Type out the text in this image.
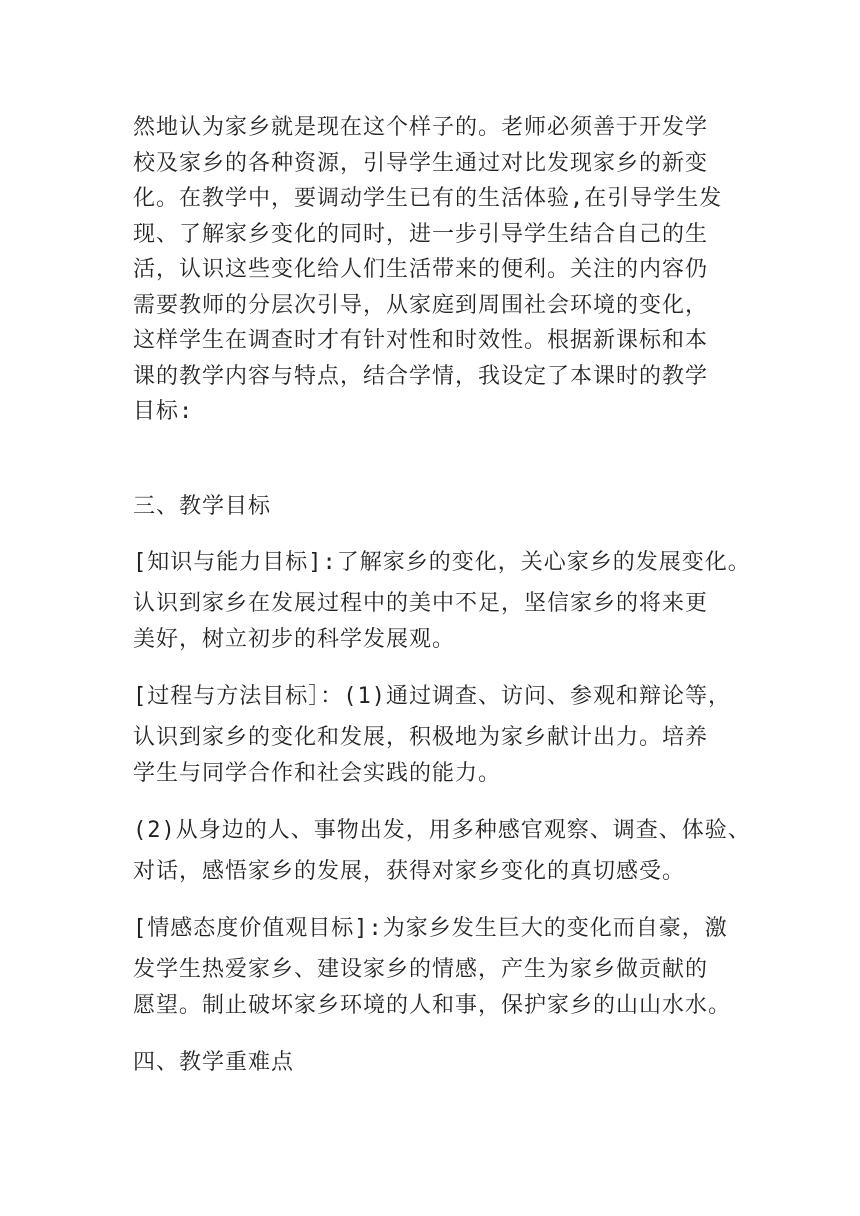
然地认为家乡就是现在这个样子的。老师必须善于开发学
校及家乡的各种资源，引导学生通过对比发现家乡的新变
化。在教学中，要调动学生已有的生活体验,在引导学生发
现、了解家乡变化的同时，进一步引导学生结合自己的生
活，认识这些变化给人们生活带来的便利。关注的内容仍
需要教师的分层次引导，从家庭到周围社会环境的变化，
这样学生在调查时才有针对性和时效性。根据新课标和本
课的教学内容与特点，结合学情，我设定了本课时的教学
目标:
三、教学目标
[知识与能力目标]:了解家乡的变化，关心家乡的发展变化。
认识到家乡在发展过程中的美中不足，坚信家乡的将来更
美好，树立初步的科学发展观。
[过程与方法目标］：(1)通过调查、访问、参观和辩论等，
认识到家乡的变化和发展，积极地为家乡献计出力。培养
学生与同学合作和社会实践的能力。
(2)从身边的人、事物出发，用多种感官观察、调查、体验、
对话，感悟家乡的发展，获得对家乡变化的真切感受。
[情感态度价值观目标]:为家乡发生巨大的变化而自豪，激
发学生热爱家乡、建设家乡的情感，产生为家乡做贡献的
愿望。制止破坏家乡环境的人和事，保护家乡的山山水水。
四、教学重难点
